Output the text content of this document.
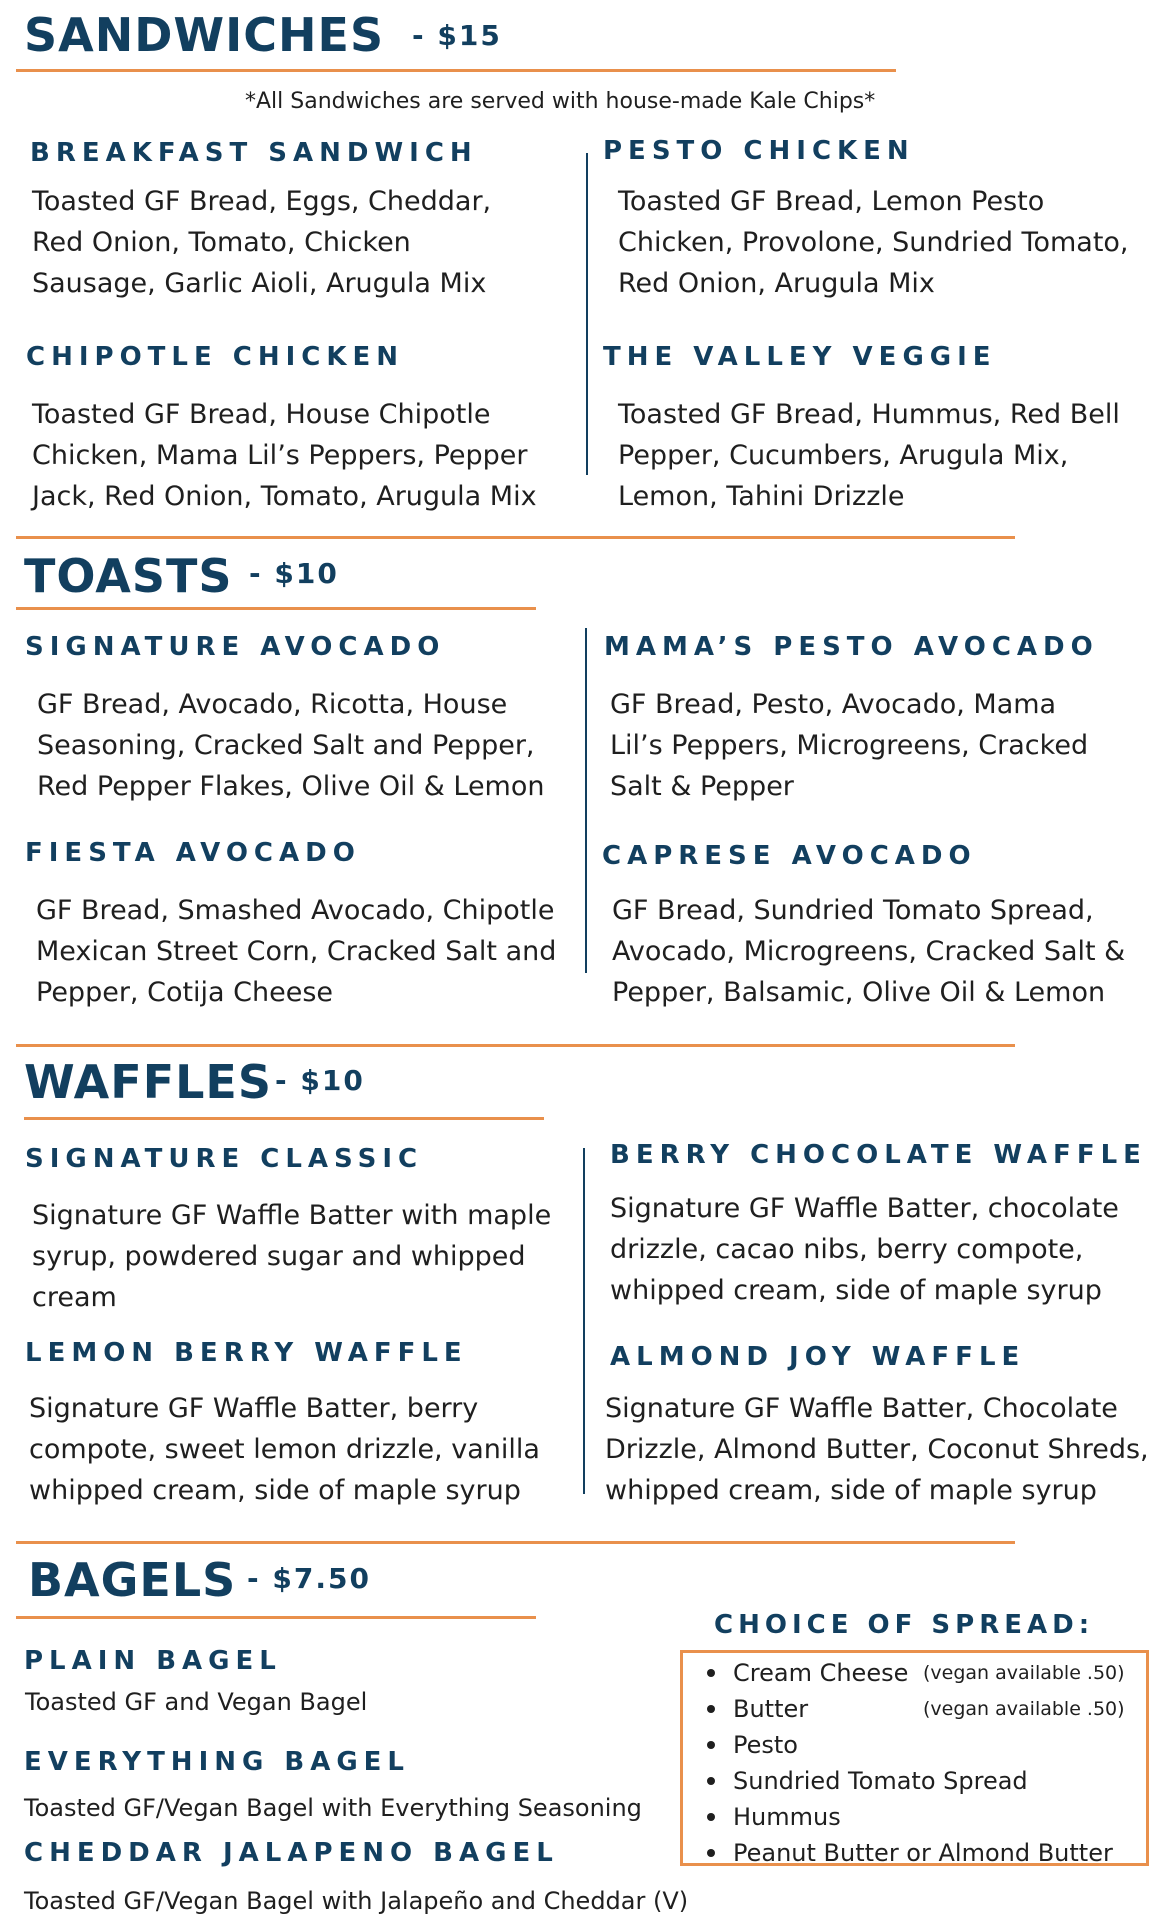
SANDWICHES - $15
*All Sandwiches are served with house-made Kale Chips*
BREAKFAST SANDWICH
Toasted GF Bread, Eggs, Cheddar,
Red Onion, Tomato, Chicken
Sausage, Garlic Aioli, Arugula Mix
PESTO CHICKEN
Toasted GF Bread, Lemon Pesto
Chicken, Provolone, Sundried Tomato,
Red Onion, Arugula Mix
CHIPOTLE CHICKEN
Toasted GF Bread, House Chipotle
Chicken, Mama Lil’s Peppers, Pepper
Jack, Red Onion, Tomato, Arugula Mix
THE VALLEY VEGGIE
Toasted GF Bread, Hummus, Red Bell
Pepper, Cucumbers, Arugula Mix,
Lemon, Tahini Drizzle
TOASTS - $10
SIGNATURE AVOCADO
GF Bread, Avocado, Ricotta, House
Seasoning, Cracked Salt and Pepper,
Red Pepper Flakes, Olive Oil & Lemon
MAMA’S PESTO AVOCADO
GF Bread, Pesto, Avocado, Mama
Lil’s Peppers, Microgreens, Cracked
Salt & Pepper
FIESTA AVOCADO
GF Bread, Smashed Avocado, Chipotle
Mexican Street Corn, Cracked Salt and
Pepper, Cotija Cheese
CAPRESE AVOCADO
GF Bread, Sundried Tomato Spread,
Avocado, Microgreens, Cracked Salt &
Pepper, Balsamic, Olive Oil & Lemon
WAFFLES - $10
SIGNATURE CLASSIC
Signature GF Waffle Batter with maple
syrup, powdered sugar and whipped
cream
BERRY CHOCOLATE WAFFLE
Signature GF Waffle Batter, chocolate
drizzle, cacao nibs, berry compote,
whipped cream, side of maple syrup
LEMON BERRY WAFFLE
Signature GF Waffle Batter, berry
compote, sweet lemon drizzle, vanilla
whipped cream, side of maple syrup
ALMOND JOY WAFFLE
Signature GF Waffle Batter, Chocolate
Drizzle, Almond Butter, Coconut Shreds,
whipped cream, side of maple syrup
BAGELS - $7.50
PLAIN BAGEL
Toasted GF and Vegan Bagel
EVERYTHING BAGEL
Toasted GF/Vegan Bagel with Everything Seasoning
CHEDDAR JALAPENO BAGEL
Toasted GF/Vegan Bagel with Jalapeño and Cheddar (V)
CHOICE OF SPREAD:
Cream Cheese (vegan available .50)
Butter	(vegan available .50)
Pesto
Sundried Tomato Spread
Hummus
Peanut Butter or Almond Butter
